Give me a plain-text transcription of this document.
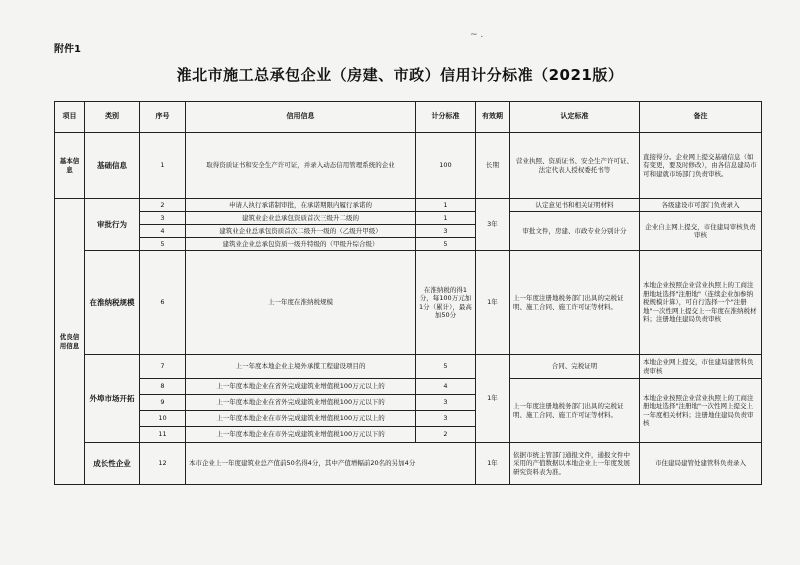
附件1
~ .
淮北市施工总承包企业（房建、市政）信用计分标准（2021版）
项目	类别	序号	信用信息	计分标准	有效期	认定标准	备注
基本信息	基础信息	1	取得资质证书和安全生产许可证，并录入动态信用管理系统的企业	100	长期	营业执照、资质证书、安全生产许可证、法定代表人授权委托书等	直接得分。企业网上提交基础信息（如有变更，要及时修改），由各信息建局市可和建就市场部门负责审核。
优良信用信息	审批行为	2	申请人执行承诺制审批，在承诺期限内履行承诺的	1	3年	认定意见书和相关证明材料	各级建设市可部门负责录入
		3	建筑业企业总承包资质首次三级升二级的	1		审批文件，房建、市政专业分别计分	企业自主网上提交，市住建局审核负责审核
		4	建筑业企业总承包资质首次二级升一级的（乙级升甲级）	3			
		5	建筑业企业总承包资质一级升特级的（甲级升综合级）	5			
	在淮纳税规模	6	上一年度在淮纳税规模	在淮纳税的得1分，每100万元加1分（累计），最高加50分	1年	上一年度注册地税务部门出具的完税证明、施工合同、施工许可证等材料。	本地企业按照企业营业执照上的工商注册地址选择"注册地"（连续企业加参纳税规模计算），可自行选择一个"注册地"一次性网上提交上一年度在淮纳税材料；注册地住建局负责审核
	外埠市场开拓	7	上一年度本地企业主境外承揽工程建设项目的	5	1年	合同、完税证明	本地企业网上提交，市住建局建管科负责审核
		8	上一年度本地企业在省外完成建筑业增值税100万元以上的	4		上一年度注册地税务部门出具的完税证明、施工合同、施工许可证等材料。	本地企业按照企业营业执照上的工商注册地址选择"注册地"一次性网上提交上一年度相关材料；注册地住建局负责审核
		9	上一年度本地企业在省外完成建筑业增值税100万元以下的	3			
		10	上一年度本地企业在市外完成建筑业增值税100万元以上的	3			
		11	上一年度本地企业在市外完成建筑业增值税100万元以下的	2			
	成长性企业	12	本市企业上一年度建筑业总产值前50名得4分，其中产值增幅前20名的另加4分		1年	依据市统主管部门通报文件，通报文件中采用的产值数据以本地企业上一年度发展研究资料表为准。	市住建局建管处建管科负责录入
